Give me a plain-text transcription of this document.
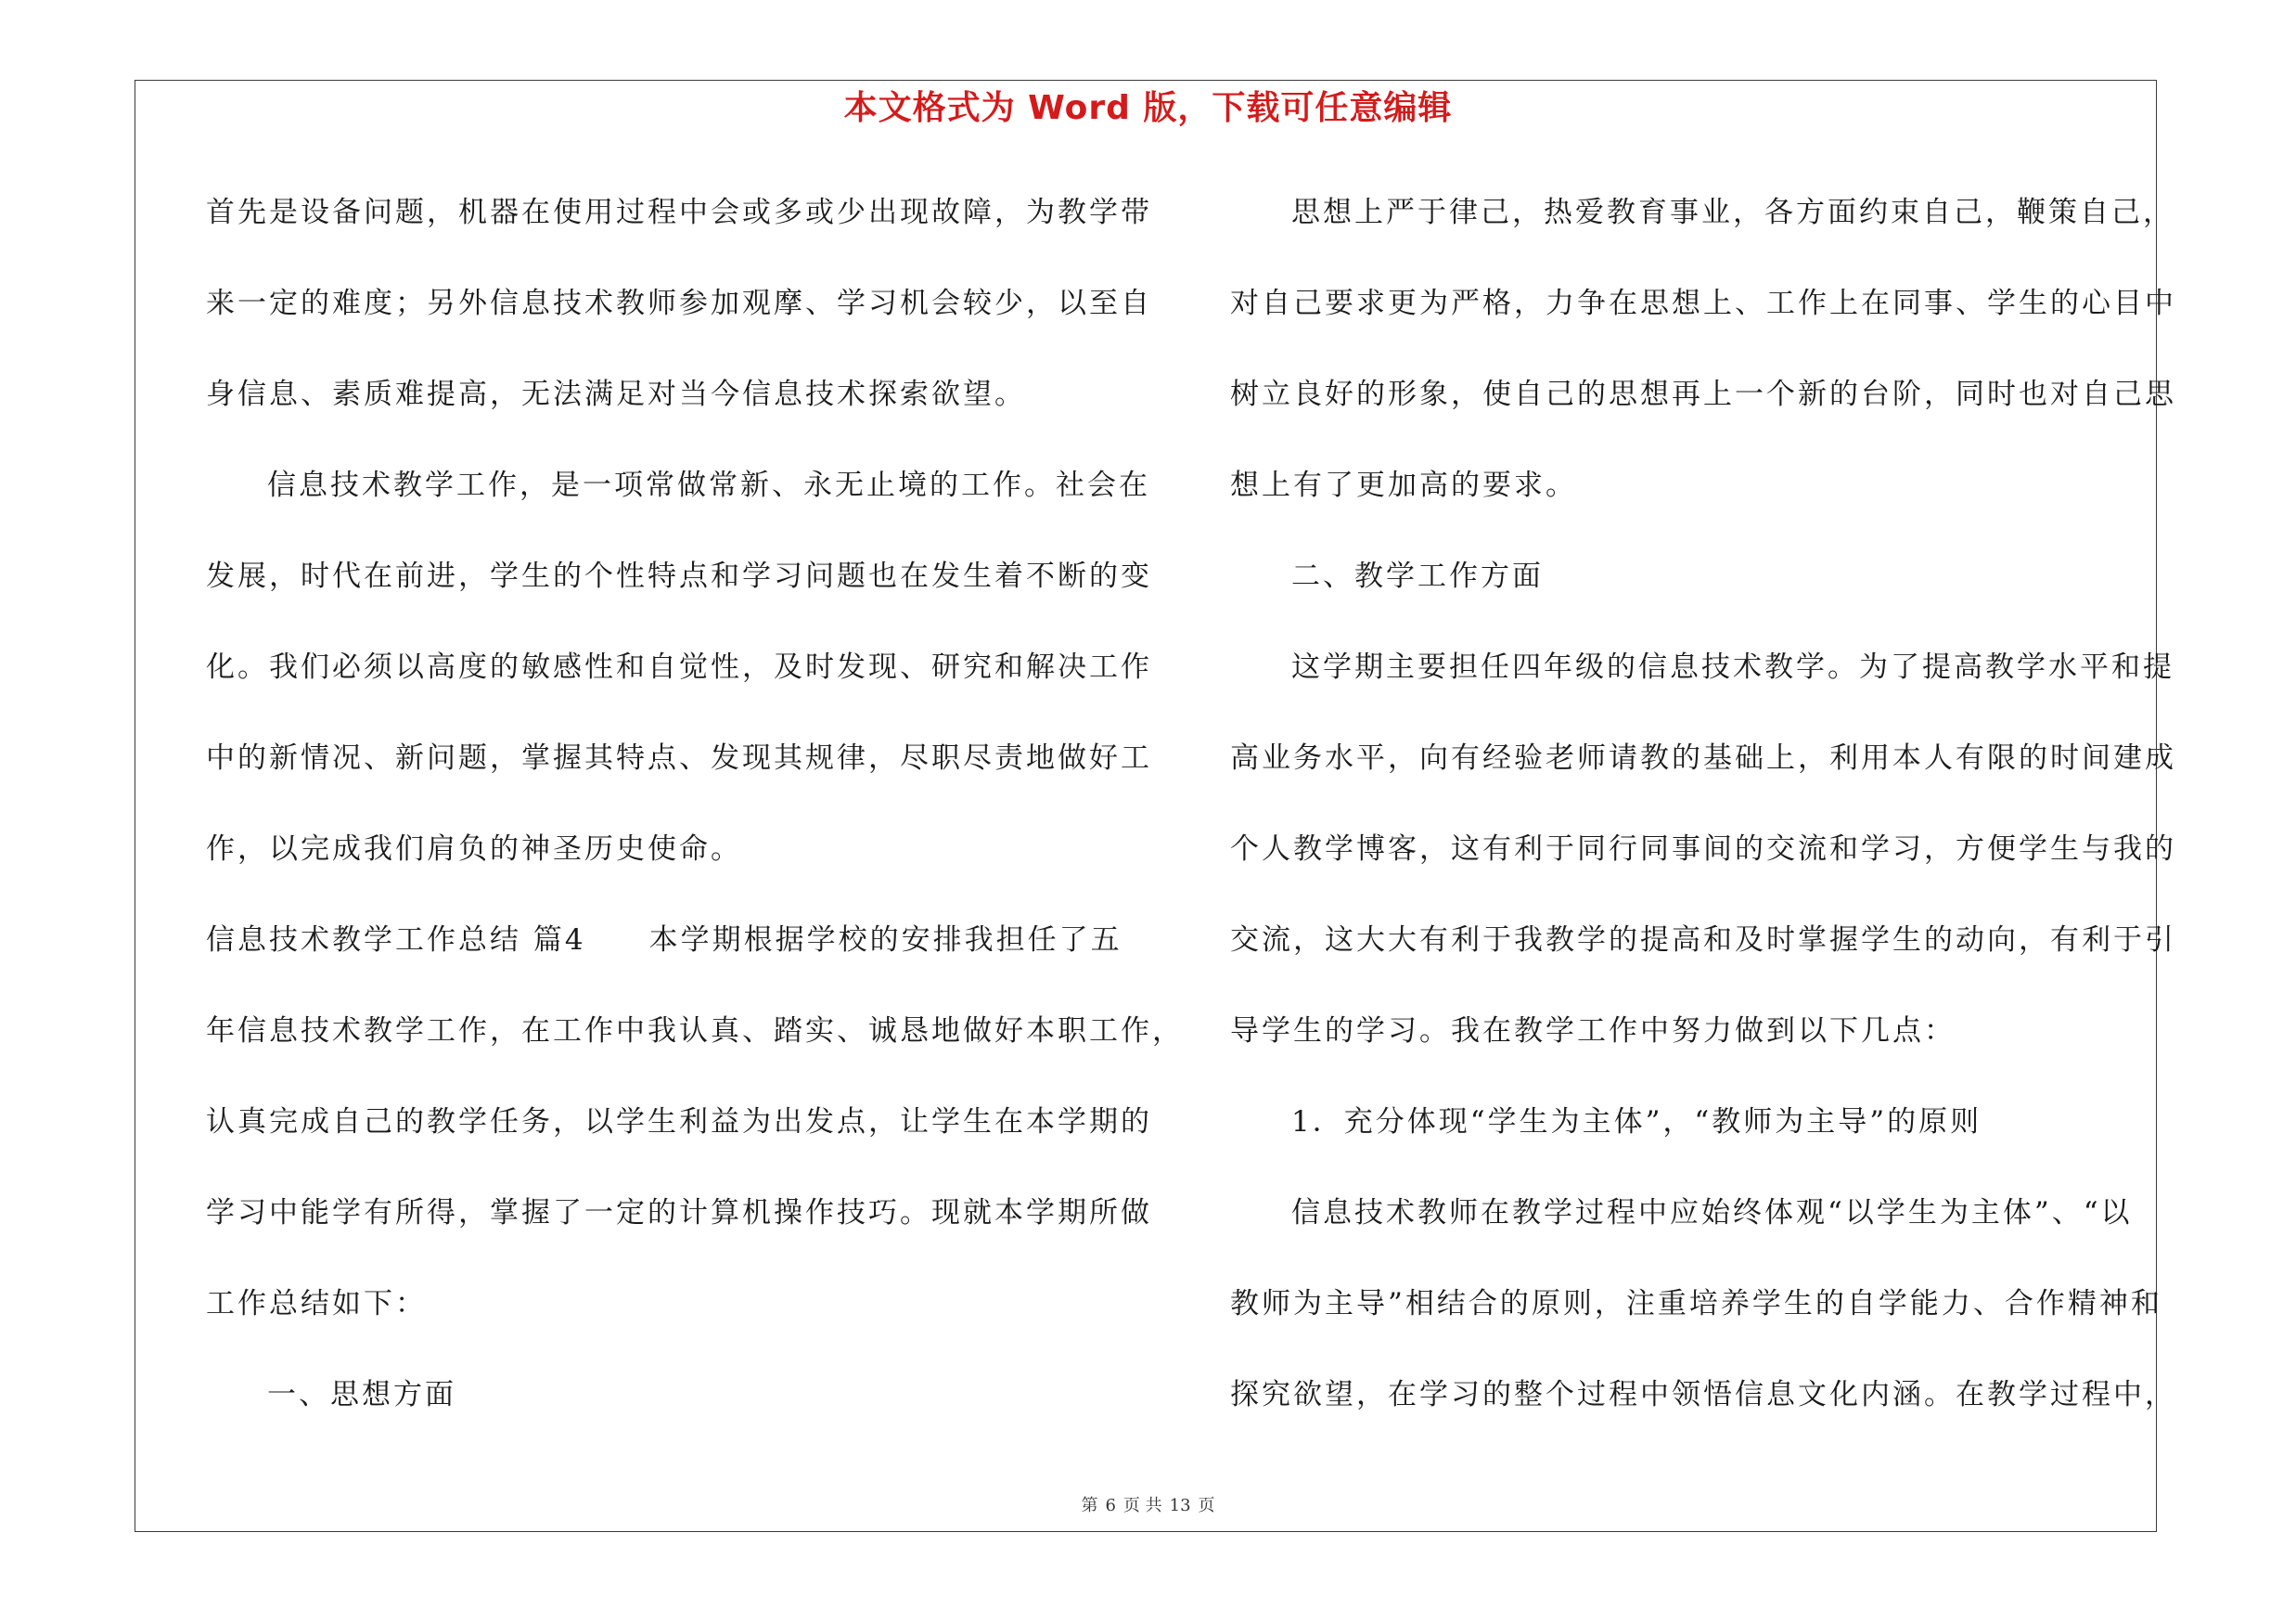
本文格式为 Word 版，下载可任意编辑
首先是设备问题，机器在使用过程中会或多或少出现故障，为教学带
来一定的难度；另外信息技术教师参加观摩、学习机会较少，以至自
身信息、素质难提高，无法满足对当今信息技术探索欲望。
信息技术教学工作，是一项常做常新、永无止境的工作。社会在
发展，时代在前进，学生的个性特点和学习问题也在发生着不断的变
化。我们必须以高度的敏感性和自觉性，及时发现、研究和解决工作
中的新情况、新问题，掌握其特点、发现其规律，尽职尽责地做好工
作，以完成我们肩负的神圣历史使命。
信息技术教学工作总结 篇4　　本学期根据学校的安排我担任了五
年信息技术教学工作，在工作中我认真、踏实、诚恳地做好本职工作，
认真完成自己的教学任务，以学生利益为出发点，让学生在本学期的
学习中能学有所得，掌握了一定的计算机操作技巧。现就本学期所做
工作总结如下：
一、思想方面
思想上严于律己，热爱教育事业，各方面约束自己，鞭策自己，
对自己要求更为严格，力争在思想上、工作上在同事、学生的心目中
树立良好的形象，使自己的思想再上一个新的台阶，同时也对自己思
想上有了更加高的要求。
二、教学工作方面
这学期主要担任四年级的信息技术教学。为了提高教学水平和提
高业务水平，向有经验老师请教的基础上，利用本人有限的时间建成
个人教学博客，这有利于同行同事间的交流和学习，方便学生与我的
交流，这大大有利于我教学的提高和及时掌握学生的动向，有利于引
导学生的学习。我在教学工作中努力做到以下几点：
1．充分体现“学生为主体”，“教师为主导”的原则
信息技术教师在教学过程中应始终体观“以学生为主体”、“以
教师为主导”相结合的原则，注重培养学生的自学能力、合作精神和
探究欲望，在学习的整个过程中领悟信息文化内涵。在教学过程中，
第 6 页 共 13 页
